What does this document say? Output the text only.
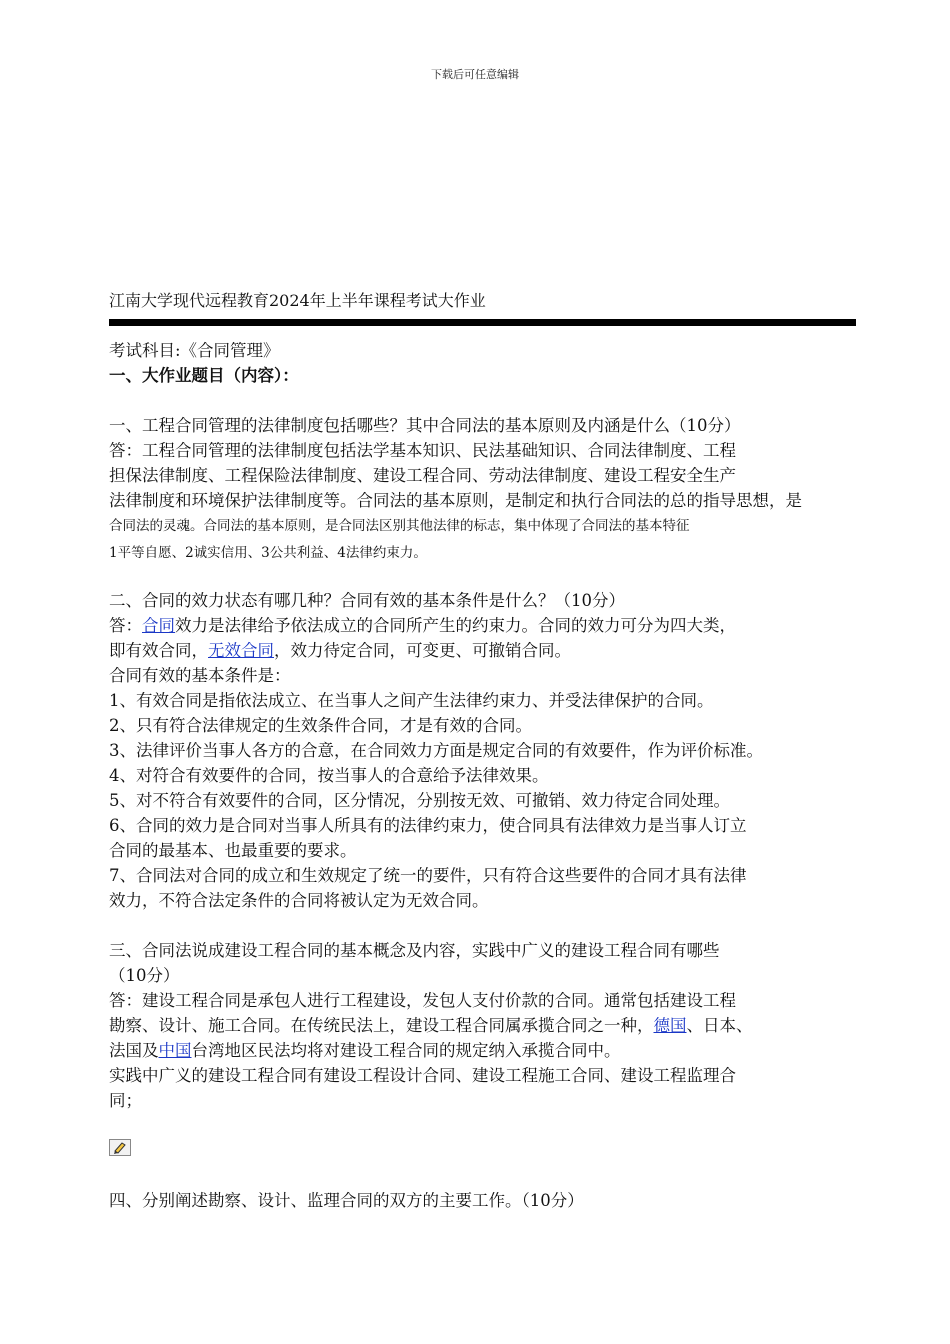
下载后可任意编辑
江南大学现代远程教育2024年上半年课程考试大作业

考试科目:《合同管理》

一、大作业题目（内容）：

一、工程合同管理的法律制度包括哪些？其中合同法的基本原则及内涵是什么（10分）

答：工程合同管理的法律制度包括法学基本知识、民法基础知识、合同法律制度、工程

担保法律制度、工程保险法律制度、建设工程合同、劳动法律制度、建设工程安全生产

法律制度和环境保护法律制度等。合同法的基本原则，是制定和执行合同法的总的指导思想，是

合同法的灵魂。合同法的基本原则，是合同法区别其他法律的标志，集中体现了合同法的基本特征

1平等自愿、2诚实信用、3公共利益、4法律约束力。

二、合同的效力状态有哪几种？合同有效的基本条件是什么？（10分）

答：合同效力是法律给予依法成立的合同所产生的约束力。合同的效力可分为四大类，

即有效合同，无效合同，效力待定合同，可变更、可撤销合同。

合同有效的基本条件是：

1、有效合同是指依法成立、在当事人之间产生法律约束力、并受法律保护的合同。

2、只有符合法律规定的生效条件合同，才是有效的合同。

3、法律评价当事人各方的合意，在合同效力方面是规定合同的有效要件，作为评价标准。

4、对符合有效要件的合同，按当事人的合意给予法律效果。

5、对不符合有效要件的合同，区分情况，分别按无效、可撤销、效力待定合同处理。

6、合同的效力是合同对当事人所具有的法律约束力，使合同具有法律效力是当事人订立

合同的最基本、也最重要的要求。

7、合同法对合同的成立和生效规定了统一的要件，只有符合这些要件的合同才具有法律

效力，不符合法定条件的合同将被认定为无效合同。

三、合同法说成建设工程合同的基本概念及内容，实践中广义的建设工程合同有哪些

（10分）

答：建设工程合同是承包人进行工程建设，发包人支付价款的合同。通常包括建设工程

勘察、设计、施工合同。在传统民法上，建设工程合同属承揽合同之一种，德国、日本、

法国及中国台湾地区民法均将对建设工程合同的规定纳入承揽合同中。

实践中广义的建设工程合同有建设工程设计合同、建设工程施工合同、建设工程监理合

同；

四、分别阐述勘察、设计、监理合同的双方的主要工作。（10分）
